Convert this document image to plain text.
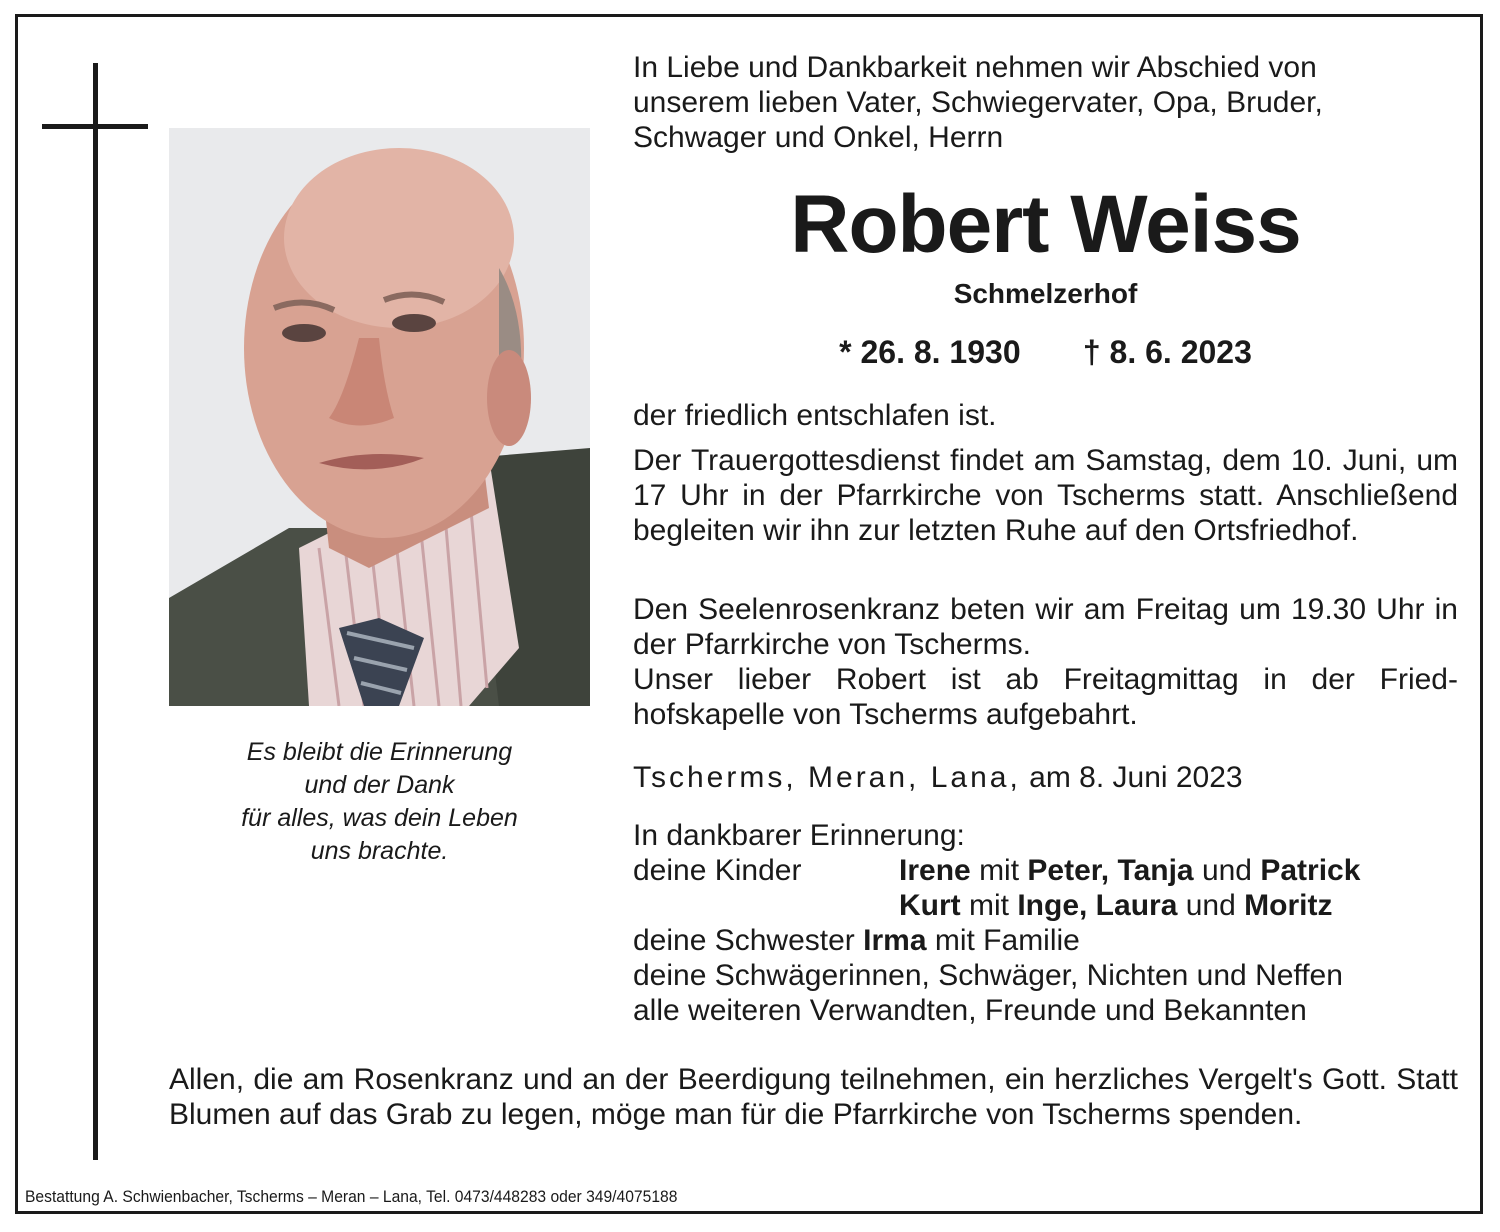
Es bleibt die Erinnerung
und der Dank
für alles, was dein Leben
uns brachte.
In Liebe und Dankbarkeit nehmen wir Abschied von
unserem lieben Vater, Schwiegervater, Opa, Bruder,
Schwager und Onkel, Herrn
Robert Weiss
Schmelzerhof
* 26. 8. 1930 † 8. 6. 2023
der friedlich entschlafen ist.
Der Trauergottesdienst findet am Samstag, dem 10. Juni, um 17 Uhr in der Pfarrkirche von Tscherms statt. Anschließend begleiten wir ihn zur letzten Ruhe auf den Ortsfriedhof.
Den Seelenrosenkranz beten wir am Freitag um 19.30 Uhr in der Pfarrkirche von Tscherms.
Unser lieber Robert ist ab Freitagmittag in der Friedhofskapelle von Tscherms aufgebahrt.
Tscherms, Meran, Lana, am 8. Juni 2023
In dankbarer Erinnerung:
deine Kinder	Irene mit Peter, Tanja und Patrick
Kurt mit Inge, Laura und Moritz
deine Schwester Irma mit Familie
deine Schwägerinnen, Schwäger, Nichten und Neffen
alle weiteren Verwandten, Freunde und Bekannten
Allen, die am Rosenkranz und an der Beerdigung teilnehmen, ein herzliches Vergelt's Gott. Statt Blumen auf das Grab zu legen, möge man für die Pfarrkirche von Tscherms spenden.
Bestattung A. Schwienbacher, Tscherms – Meran – Lana, Tel. 0473/448283 oder 349/4075188
